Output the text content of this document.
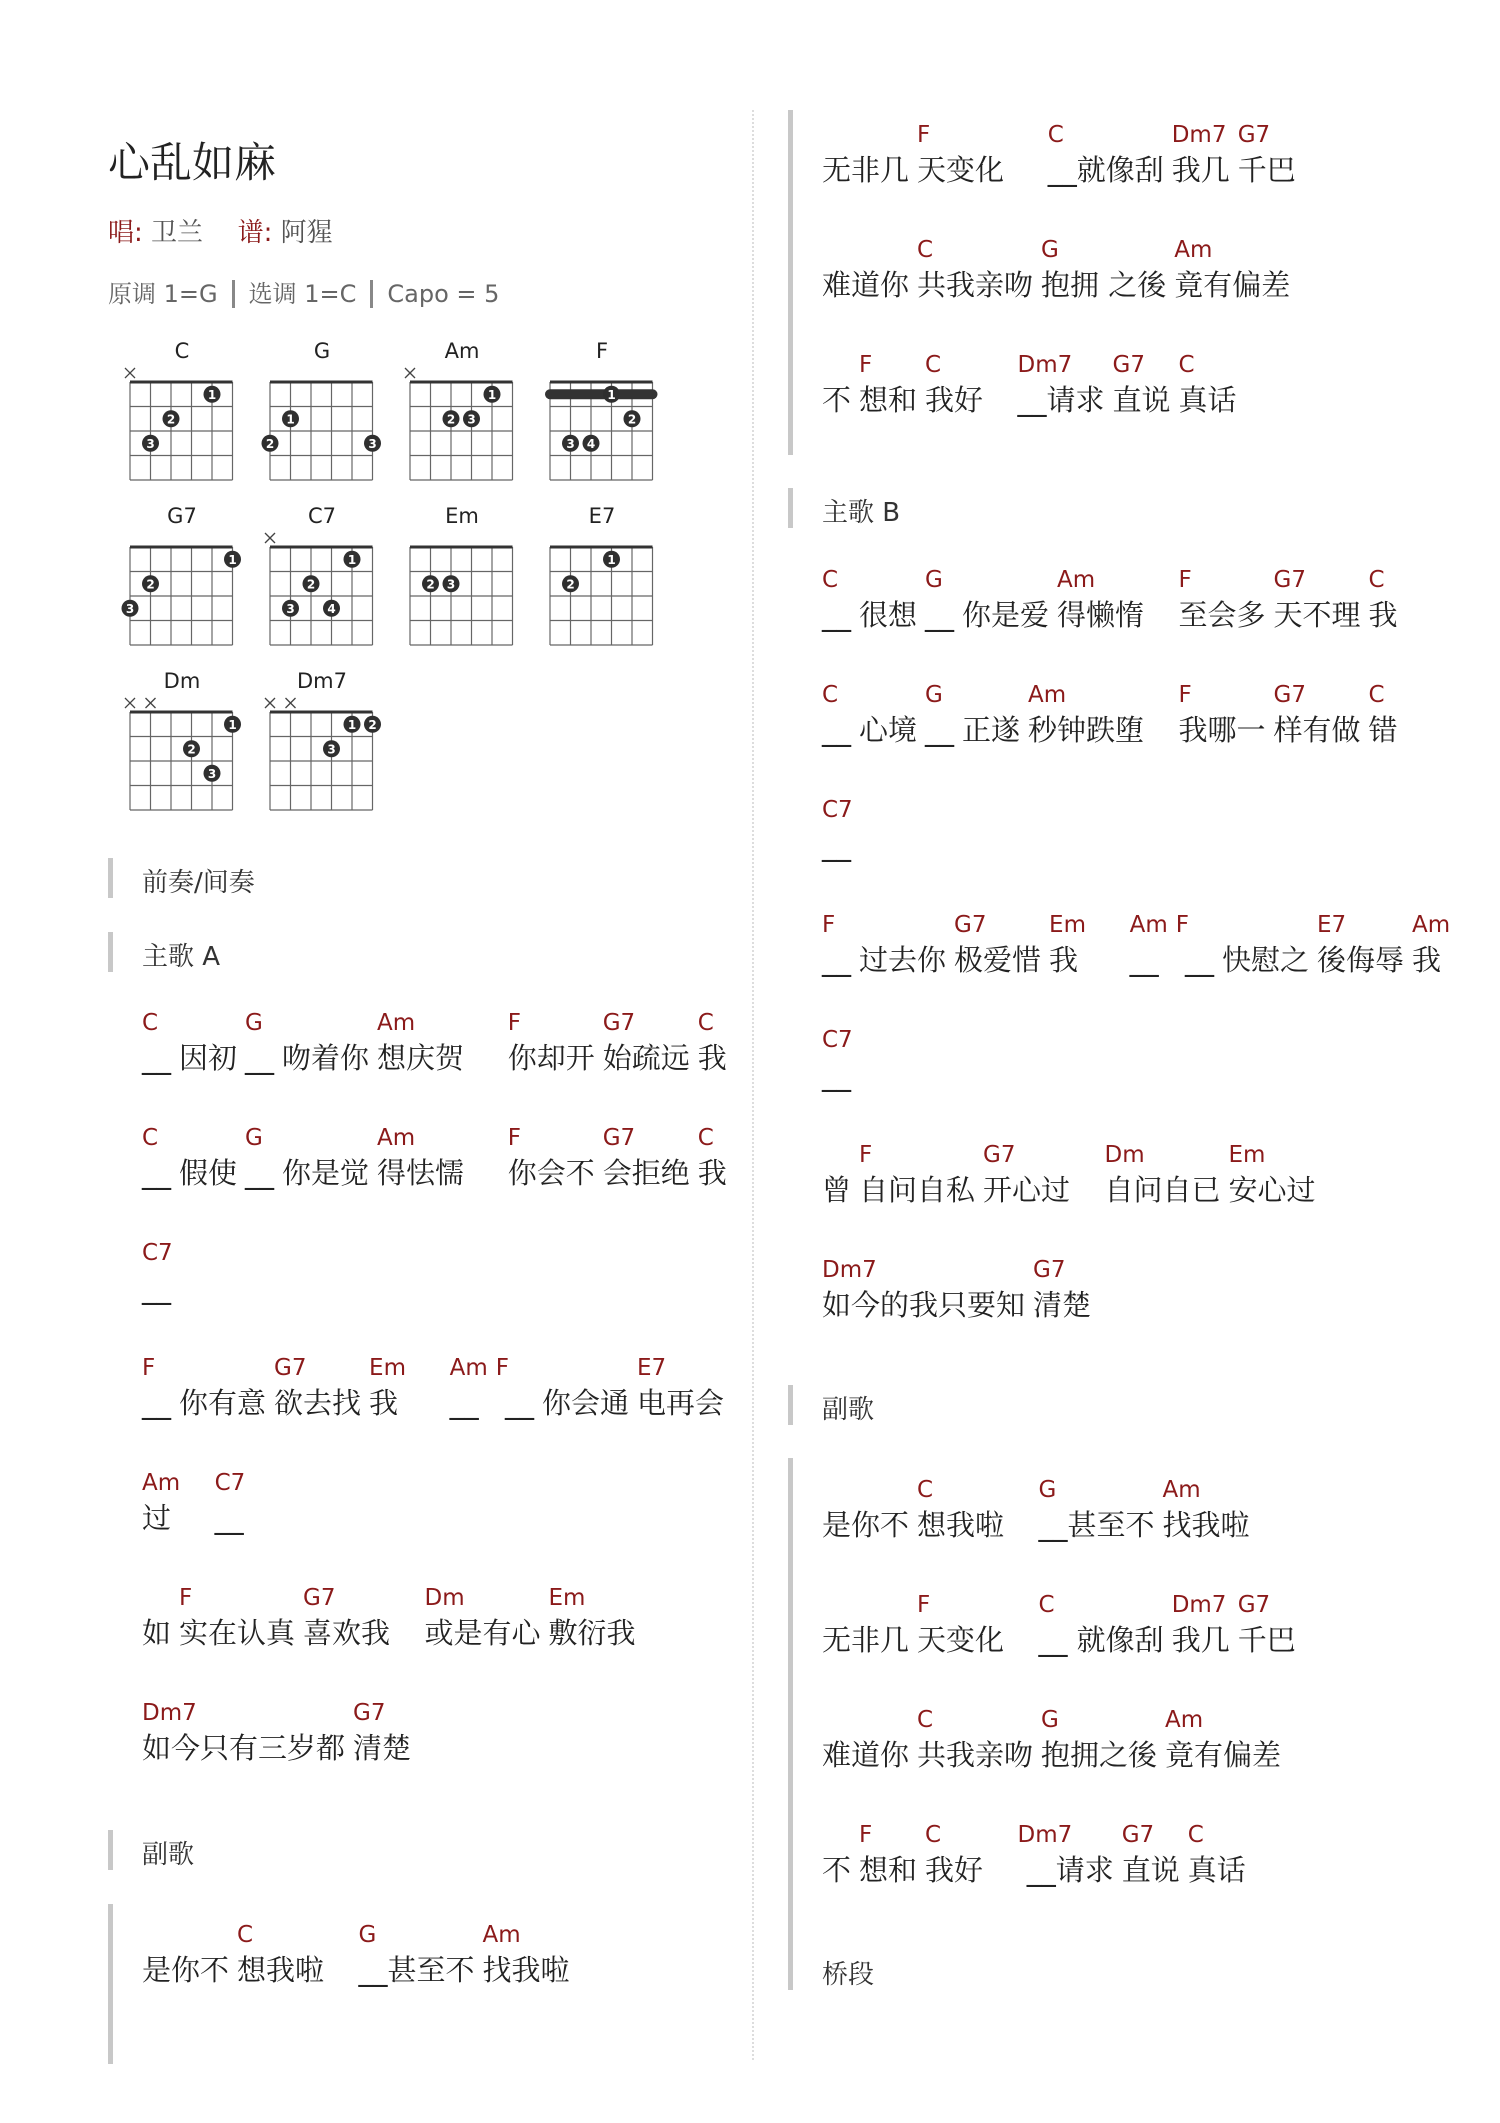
心乱如麻
唱: 卫兰 谱: 阿猩
原调 1=G 选调 1=C Capo = 5
C
1
2
3
G
1
2	3
Am
1
2 3
F
1
2
3 4
G7
1
2
3
C7
1
2
3	4
Em
2 3
E7
1
2
Dm
1
2
3
Dm7
1 2
3
前奏/间奏
主歌 A
副歌
主歌 B
副歌
桥段
C
__ 因初
G
__ 吻着你
Am
想庆贺

F
你却开
G7
始疏远
C
我
C
__ 假使
G
__ 你是觉
Am
得怯懦

F
你会不
G7
会拒绝
C
我
C7
__
F
__ 你有意
G7
欲去找
Em
我

Am
__
F
__ 你会通
E7
电再会
Am
过

C7
__
如
F
实在认真
G7
喜欢我

Dm
或是有心
Em
敷衍我
Dm7
如今只有三岁都
G7
清楚
是你不
C
想我啦

G
__甚至不
Am
找我啦
无非几
F
天变化

C
__就像刮
Dm7
我几
G7
千巴
难道你
C
共我亲吻
G
抱拥 之後
Am
竟有偏差
不
F
想和
C
我好

Dm7
__请求
G7
直说
C
真话
C
__ 很想
G
__ 你是爱
Am
得懒惰

F
至会多
G7
天不理
C
我
C
__ 心境
G
__ 正遂
Am
秒钟跌堕

F
我哪一
G7
样有做
C
错
C7
__
F
__ 过去你
G7
极爱惜
Em
我

Am
__
F
__ 快慰之
E7
後侮辱
Am
我
C7
__
曾
F
自问自私
G7
开心过

Dm
自问自已
Em
安心过
Dm7
如今的我只要知
G7
清楚
是你不
C
想我啦

G
__甚至不
Am
找我啦
无非几
F
天变化

C
__ 就像刮
Dm7
我几
G7
千巴
难道你
C
共我亲吻
G
抱拥之後
Am
竟有偏差
不
F
想和
C
我好

Dm7
__请求
G7
直说
C
真话
